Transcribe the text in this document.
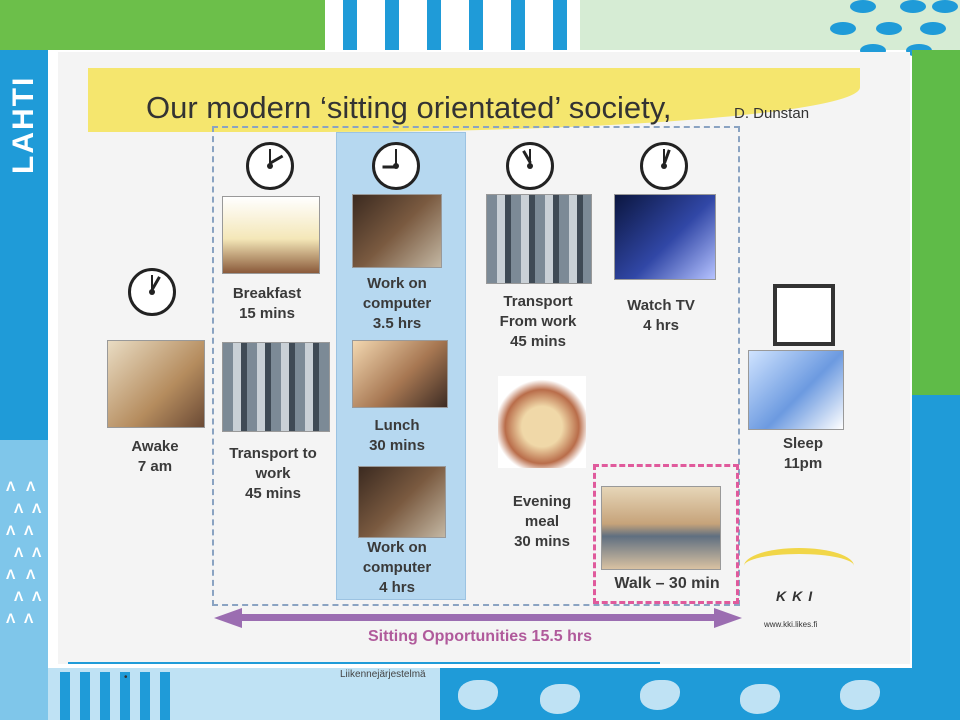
LAHTI
Λ Λ
Λ Λ
Λ Λ
Λ Λ
Λ Λ
Λ Λ
Λ Λ
Our modern ‘sitting orientated’ society,	D. Dunstan
Awake
7 am
Breakfast
15 mins
Transport to
work
45 mins
Work on
computer
3.5 hrs
Lunch
30 mins
Work on
computer
4 hrs
Transport
From work
45 mins
Evening
meal
30 mins
Watch TV
4 hrs
Walk – 30 min
Sleep
11pm
Sitting Opportunities 15.5 hrs
KKI
www.kki.likes.fi
•	Liikennejärjestelmä
